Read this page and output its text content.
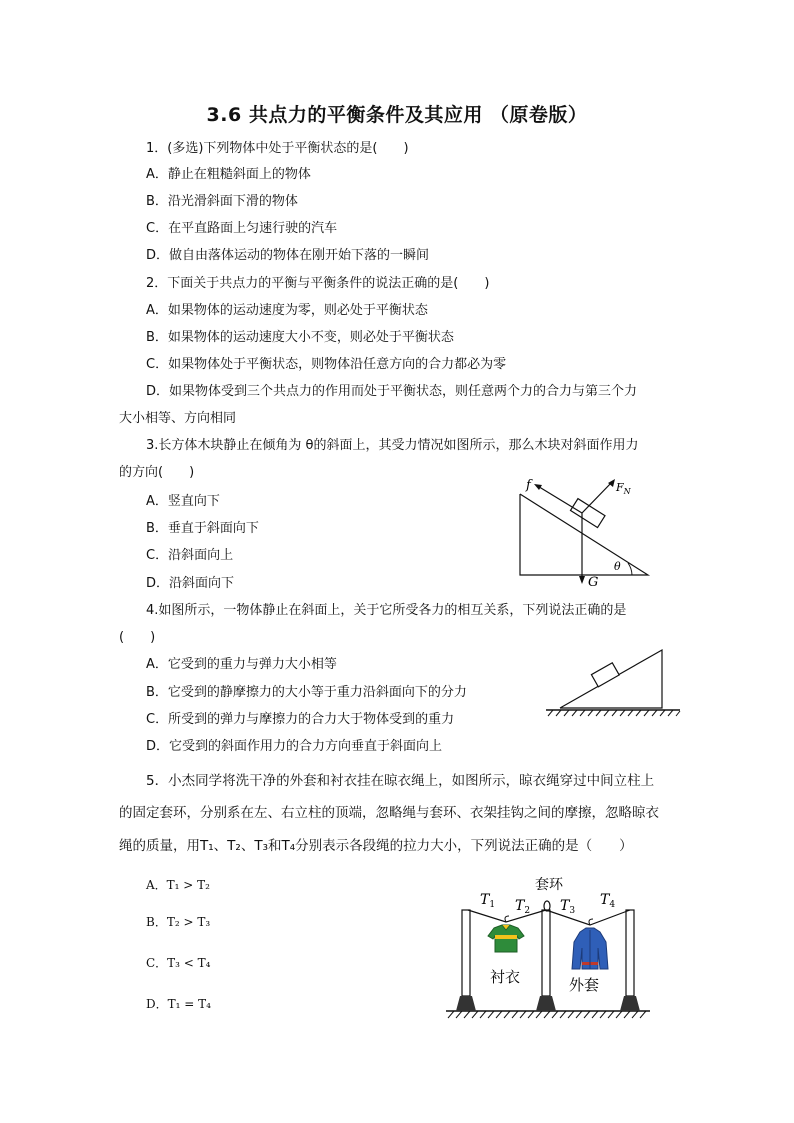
3.6 共点力的平衡条件及其应用 （原卷版）
1．(多选)下列物体中处于平衡状态的是(　　)
A．静止在粗糙斜面上的物体
B．沿光滑斜面下滑的物体
C．在平直路面上匀速行驶的汽车
D．做自由落体运动的物体在刚开始下落的一瞬间
2．下面关于共点力的平衡与平衡条件的说法正确的是(　　)
A．如果物体的运动速度为零，则必处于平衡状态
B．如果物体的运动速度大小不变，则必处于平衡状态
C．如果物体处于平衡状态，则物体沿任意方向的合力都必为零
D．如果物体受到三个共点力的作用而处于平衡状态，则任意两个力的合力与第三个力
大小相等、方向相同
3.长方体木块静止在倾角为 θ的斜面上，其受力情况如图所示，那么木块对斜面作用力
的方向(　　)
A．竖直向下
B．垂直于斜面向下
C．沿斜面向上
D．沿斜面向下
f	$F_N$
θ
G
4.如图所示，一物体静止在斜面上，关于它所受各力的相互关系，下列说法正确的是
(　　)
A．它受到的重力与弹力大小相等
B．它受到的静摩擦力的大小等于重力沿斜面向下的分力
C．所受到的弹力与摩擦力的合力大于物体受到的重力
D．它受到的斜面作用力的合力方向垂直于斜面向上
5．小杰同学将洗干净的外套和衬衣挂在晾衣绳上，如图所示，晾衣绳穿过中间立柱上
的固定套环，分别系在左、右立柱的顶端，忽略绳与套环、衣架挂钩之间的摩擦，忽略晾衣
绳的质量，用T₁、T₂、T₃和T₄分别表示各段绳的拉力大小，下列说法正确的是（　　）
A．T₁ > T₂
B．T₂ > T₃
C．T₃ < T₄
D．T₁ = T₄
$T_1$ $T_2$ $T_3$
$T_4$
套环
衬衣	外套
